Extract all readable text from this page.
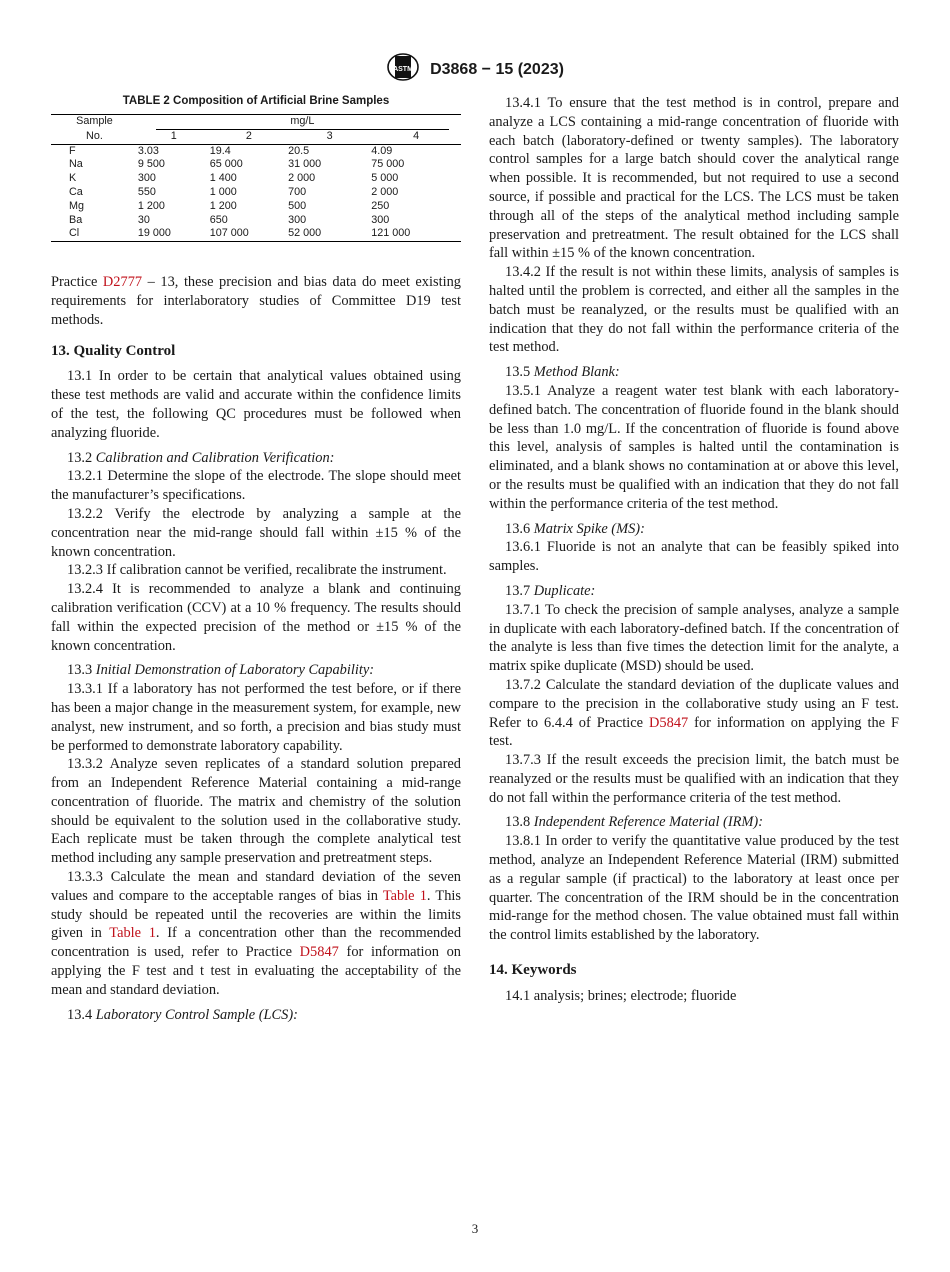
ASTM D3868 − 15 (2023)

TABLE 2 Composition of Artificial Brine Samples

Sample	mg/L			

No.	1	2	3	4
F	3.03	19.4	20.5	4.09
Na	9 500	65 000	31 000	75 000
K	300	1 400	2 000	5 000
Ca	550	1 000	700	2 000
Mg	1 200	1 200	500	250
Ba	30	650	300	300
Cl	19 000	107 000	52 000	121 000

Practice D2777 – 13, these precision and bias data do meet existing requirements for interlaboratory studies of Committee D19 test methods.

13. Quality Control

13.1 In order to be certain that analytical values obtained using these test methods are valid and accurate within the confidence limits of the test, the following QC procedures must be followed when analyzing fluoride.

13.2 Calibration and Calibration Verification:

13.2.1 Determine the slope of the electrode. The slope should meet the manufacturer’s specifications.

13.2.2 Verify the electrode by analyzing a sample at the concentration near the mid-range should fall within ±15 % of the known concentration.

13.2.3 If calibration cannot be verified, recalibrate the instrument.

13.2.4 It is recommended to analyze a blank and continuing calibration verification (CCV) at a 10 % frequency. The results should fall within the expected precision of the method or ±15 % of the known concentration.

13.3 Initial Demonstration of Laboratory Capability:

13.3.1 If a laboratory has not performed the test before, or if there has been a major change in the measurement system, for example, new analyst, new instrument, and so forth, a precision and bias study must be performed to demonstrate laboratory capability.

13.3.2 Analyze seven replicates of a standard solution prepared from an Independent Reference Material containing a mid-range concentration of fluoride. The matrix and chemistry of the solution should be equivalent to the solution used in the collaborative study. Each replicate must be taken through the complete analytical test method including any sample preservation and pretreatment steps.

13.3.3 Calculate the mean and standard deviation of the seven values and compare to the acceptable ranges of bias in Table 1. This study should be repeated until the recoveries are within the limits given in Table 1. If a concentration other than the recommended concentration is used, refer to Practice D5847 for information on applying the F test and t test in evaluating the acceptability of the mean and standard deviation.

13.4 Laboratory Control Sample (LCS):

13.4.1 To ensure that the test method is in control, prepare and analyze a LCS containing a mid-range concentration of fluoride with each batch (laboratory-defined or twenty samples). The laboratory control samples for a large batch should cover the analytical range when possible. It is recommended, but not required to use a second source, if possible and practical for the LCS. The LCS must be taken through all of the steps of the analytical method including sample preservation and pretreatment. The result obtained for the LCS shall fall within ±15 % of the known concentration.

13.4.2 If the result is not within these limits, analysis of samples is halted until the problem is corrected, and either all the samples in the batch must be reanalyzed, or the results must be qualified with an indication that they do not fall within the performance criteria of the test method.

13.5 Method Blank:

13.5.1 Analyze a reagent water test blank with each laboratory-defined batch. The concentration of fluoride found in the blank should be less than 1.0 mg/L. If the concentration of fluoride is found above this level, analysis of samples is halted until the contamination is eliminated, and a blank shows no contamination at or above this level, or the results must be qualified with an indication that they do not fall within the performance criteria of the test method.

13.6 Matrix Spike (MS):

13.6.1 Fluoride is not an analyte that can be feasibly spiked into samples.

13.7 Duplicate:

13.7.1 To check the precision of sample analyses, analyze a sample in duplicate with each laboratory-defined batch. If the concentration of the analyte is less than five times the detection limit for the analyte, a matrix spike duplicate (MSD) should be used.

13.7.2 Calculate the standard deviation of the duplicate values and compare to the precision in the collaborative study using an F test. Refer to 6.4.4 of Practice D5847 for information on applying the F test.

13.7.3 If the result exceeds the precision limit, the batch must be reanalyzed or the results must be qualified with an indication that they do not fall within the performance criteria of the test method.

13.8 Independent Reference Material (IRM):

13.8.1 In order to verify the quantitative value produced by the test method, analyze an Independent Reference Material (IRM) submitted as a regular sample (if practical) to the laboratory at least once per quarter. The concentration of the IRM should be in the concentration mid-range for the method chosen. The value obtained must fall within the control limits established by the laboratory.

14. Keywords

14.1 analysis; brines; electrode; fluoride

3
